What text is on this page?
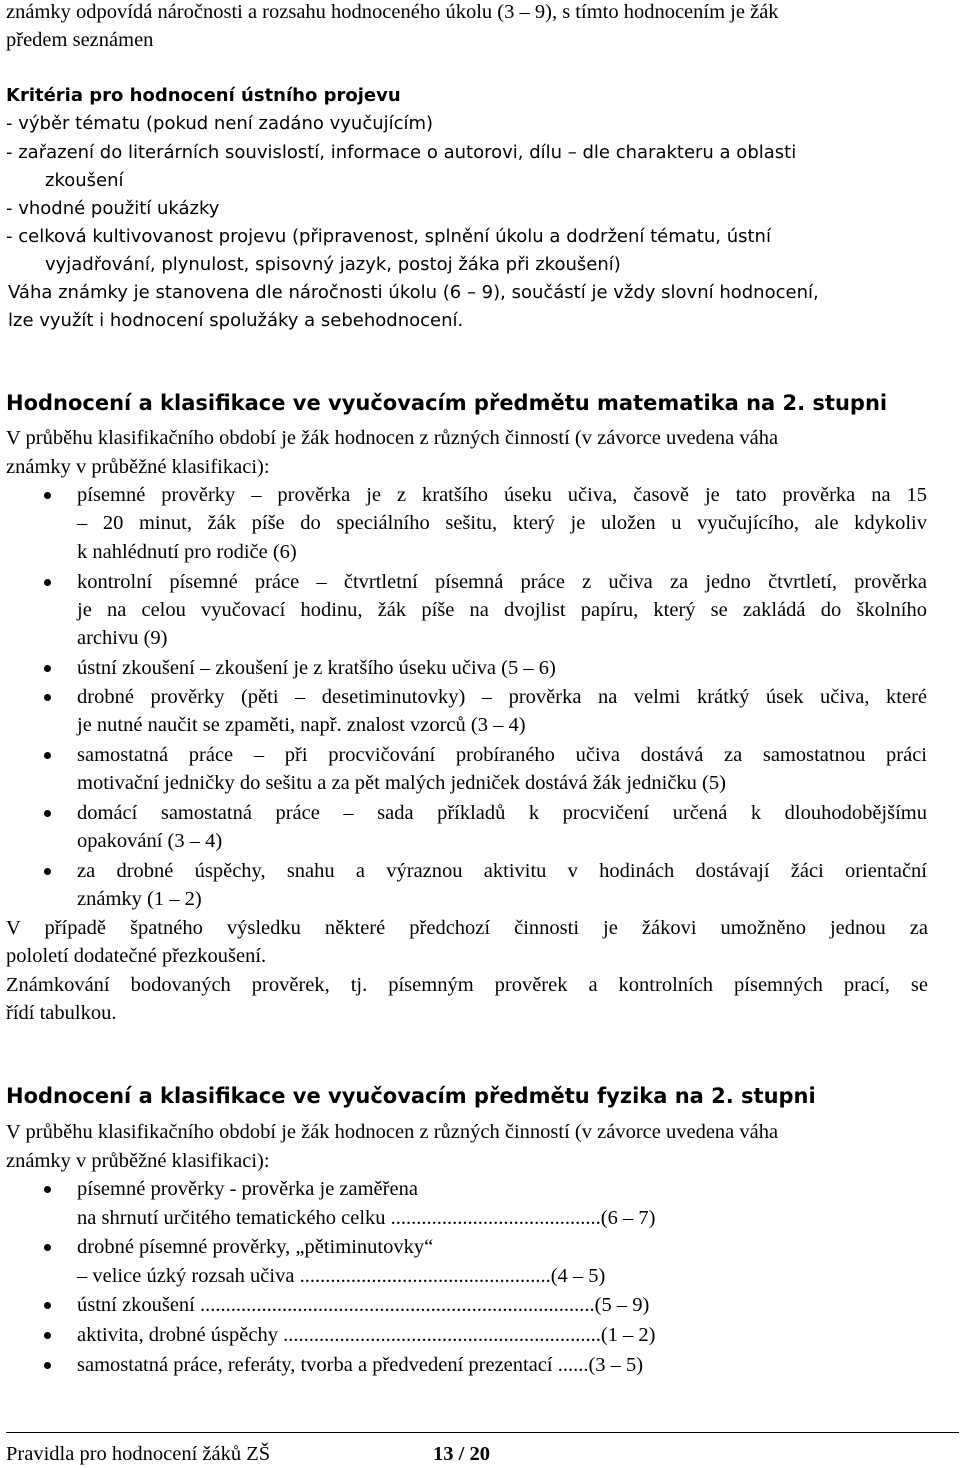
známky odpovídá náročnosti a rozsahu hodnoceného úkolu (3 – 9), s tímto hodnocením je žák
předem seznámen
Kritéria pro hodnocení ústního projevu
- výběr tématu (pokud není zadáno vyučujícím)
- zařazení do literárních souvislostí, informace o autorovi, dílu – dle charakteru a oblasti
zkoušení
- vhodné použití ukázky
- celková kultivovanost projevu (připravenost, splnění úkolu a dodržení tématu, ústní
vyjadřování, plynulost, spisovný jazyk, postoj žáka při zkoušení)
Váha známky je stanovena dle náročnosti úkolu (6 – 9), součástí je vždy slovní hodnocení,
lze využít i hodnocení spolužáky a sebehodnocení.
Hodnocení a klasifikace ve vyučovacím předmětu matematika na 2. stupni
V průběhu klasifikačního období je žák hodnocen z různých činností (v závorce uvedena váha
známky v průběžné klasifikaci):
písemné prověrky – prověrka je z kratšího úseku učiva, časově je tato prověrka na 15
– 20 minut, žák píše do speciálního sešitu, který je uložen u vyučujícího, ale kdykoliv
k nahlédnutí pro rodiče (6)
kontrolní písemné práce – čtvrtletní písemná práce z učiva za jedno čtvrtletí, prověrka
je na celou vyučovací hodinu, žák píše na dvojlist papíru, který se zakládá do školního
archivu (9)
ústní zkoušení – zkoušení je z kratšího úseku učiva (5 – 6)
drobné prověrky (pěti – desetiminutovky) – prověrka na velmi krátký úsek učiva, které
je nutné naučit se zpaměti, např. znalost vzorců (3 – 4)
samostatná práce – při procvičování probíraného učiva dostává za samostatnou práci
motivační jedničky do sešitu a za pět malých jedniček dostává žák jedničku (5)
domácí samostatná práce – sada příkladů k procvičení určená k dlouhodobějšímu
opakování (3 – 4)
za drobné úspěchy, snahu a výraznou aktivitu v hodinách dostávají žáci orientační
známky (1 – 2)
V případě špatného výsledku některé předchozí činnosti je žákovi umožněno jednou za
pololetí dodatečné přezkoušení.
Známkování bodovaných prověrek, tj. písemným prověrek a kontrolních písemných prací, se
řídí tabulkou.
Hodnocení a klasifikace ve vyučovacím předmětu fyzika na 2. stupni
V průběhu klasifikačního období je žák hodnocen z různých činností (v závorce uvedena váha
známky v průběžné klasifikaci):
písemné prověrky - prověrka je zaměřena
na shrnutí určitého tematického celku .........................................(6 – 7)
drobné písemné prověrky, „pětiminutovky“
– velice úzký rozsah učiva .................................................(4 – 5)
ústní zkoušení .............................................................................(5 – 9)
aktivita, drobné úspěchy ..............................................................(1 – 2)
samostatná práce, referáty, tvorba a předvedení prezentací ......(3 – 5)
Pravidla pro hodnocení žáků ZŠ	13 / 20
